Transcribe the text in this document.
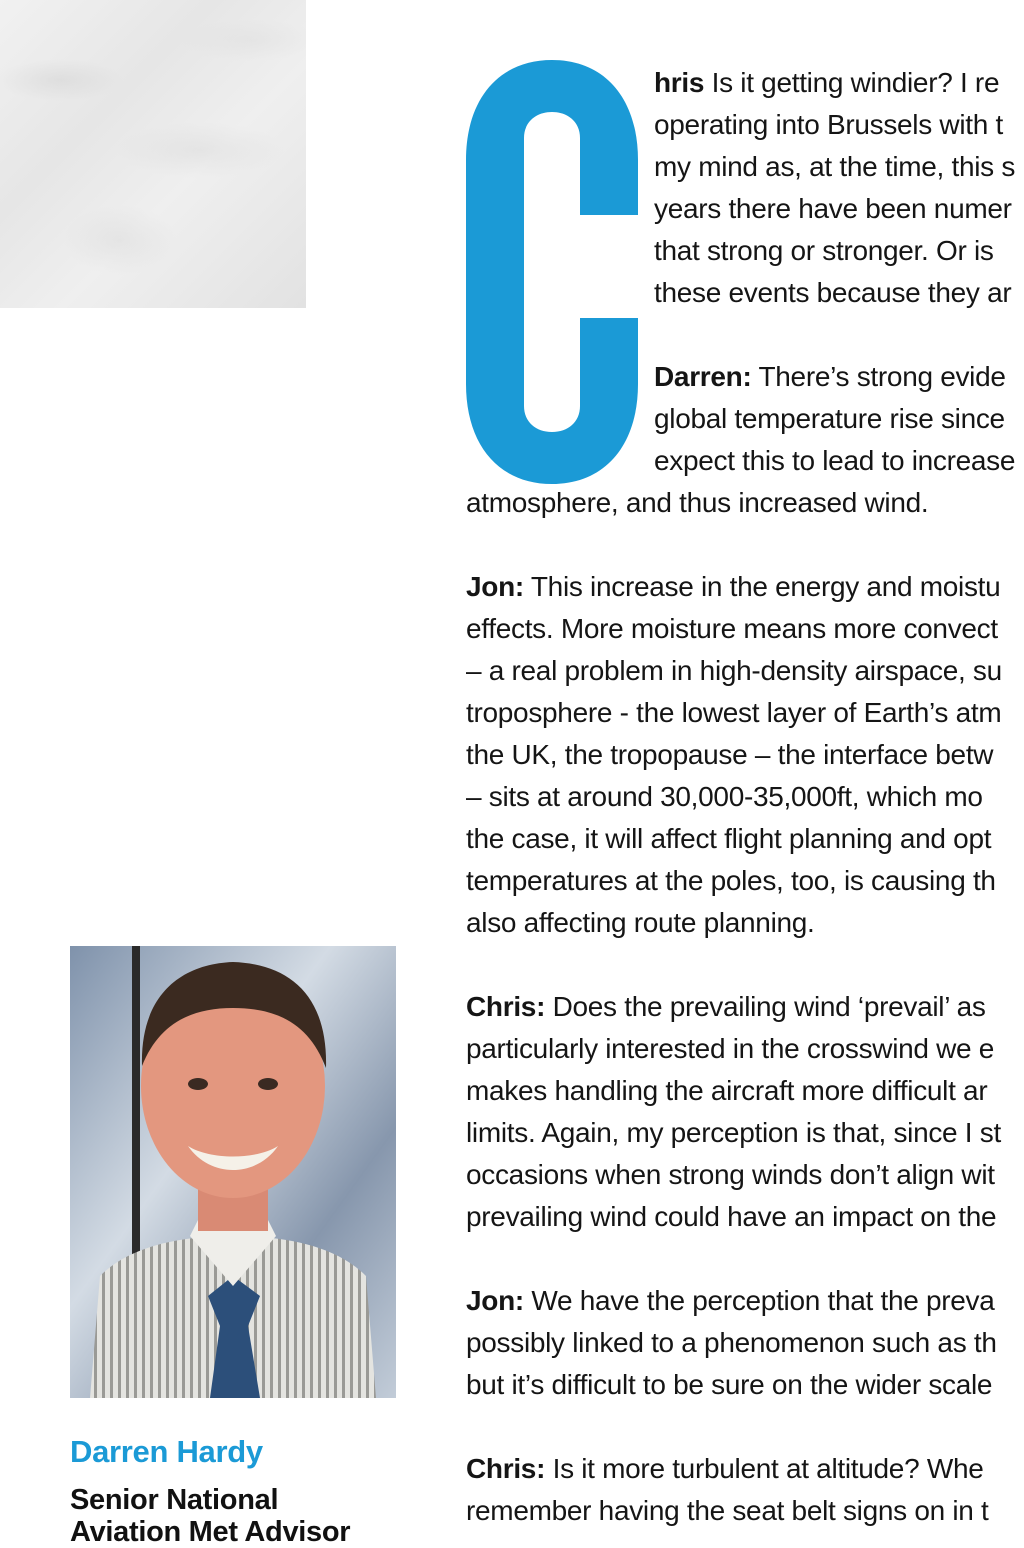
hris Is it getting windier? I re
operating into Brussels with t
my mind as, at the time, this s
years there have been numer
that strong or stronger. Or is
these events because they ar
Darren: There’s strong evide
global temperature rise since
expect this to lead to increase
atmosphere, and thus increased wind.
Jon: This increase in the energy and moistu
effects. More moisture means more convect
– a real problem in high-density airspace, su
troposphere - the lowest layer of Earth’s atm
the UK, the tropopause – the interface betw
– sits at around 30,000-35,000ft, which mo
the case, it will affect flight planning and opt
temperatures at the poles, too, is causing th
also affecting route planning.
Chris: Does the prevailing wind ‘prevail’ as
particularly interested in the crosswind we e
makes handling the aircraft more difficult ar
limits. Again, my perception is that, since I st
occasions when strong winds don’t align wit
prevailing wind could have an impact on the
Jon: We have the perception that the preva
possibly linked to a phenomenon such as th
but it’s difficult to be sure on the wider scale
Chris: Is it more turbulent at altitude? Whe
remember having the seat belt signs on in t
Darren Hardy
Senior National
Aviation Met Advisor
